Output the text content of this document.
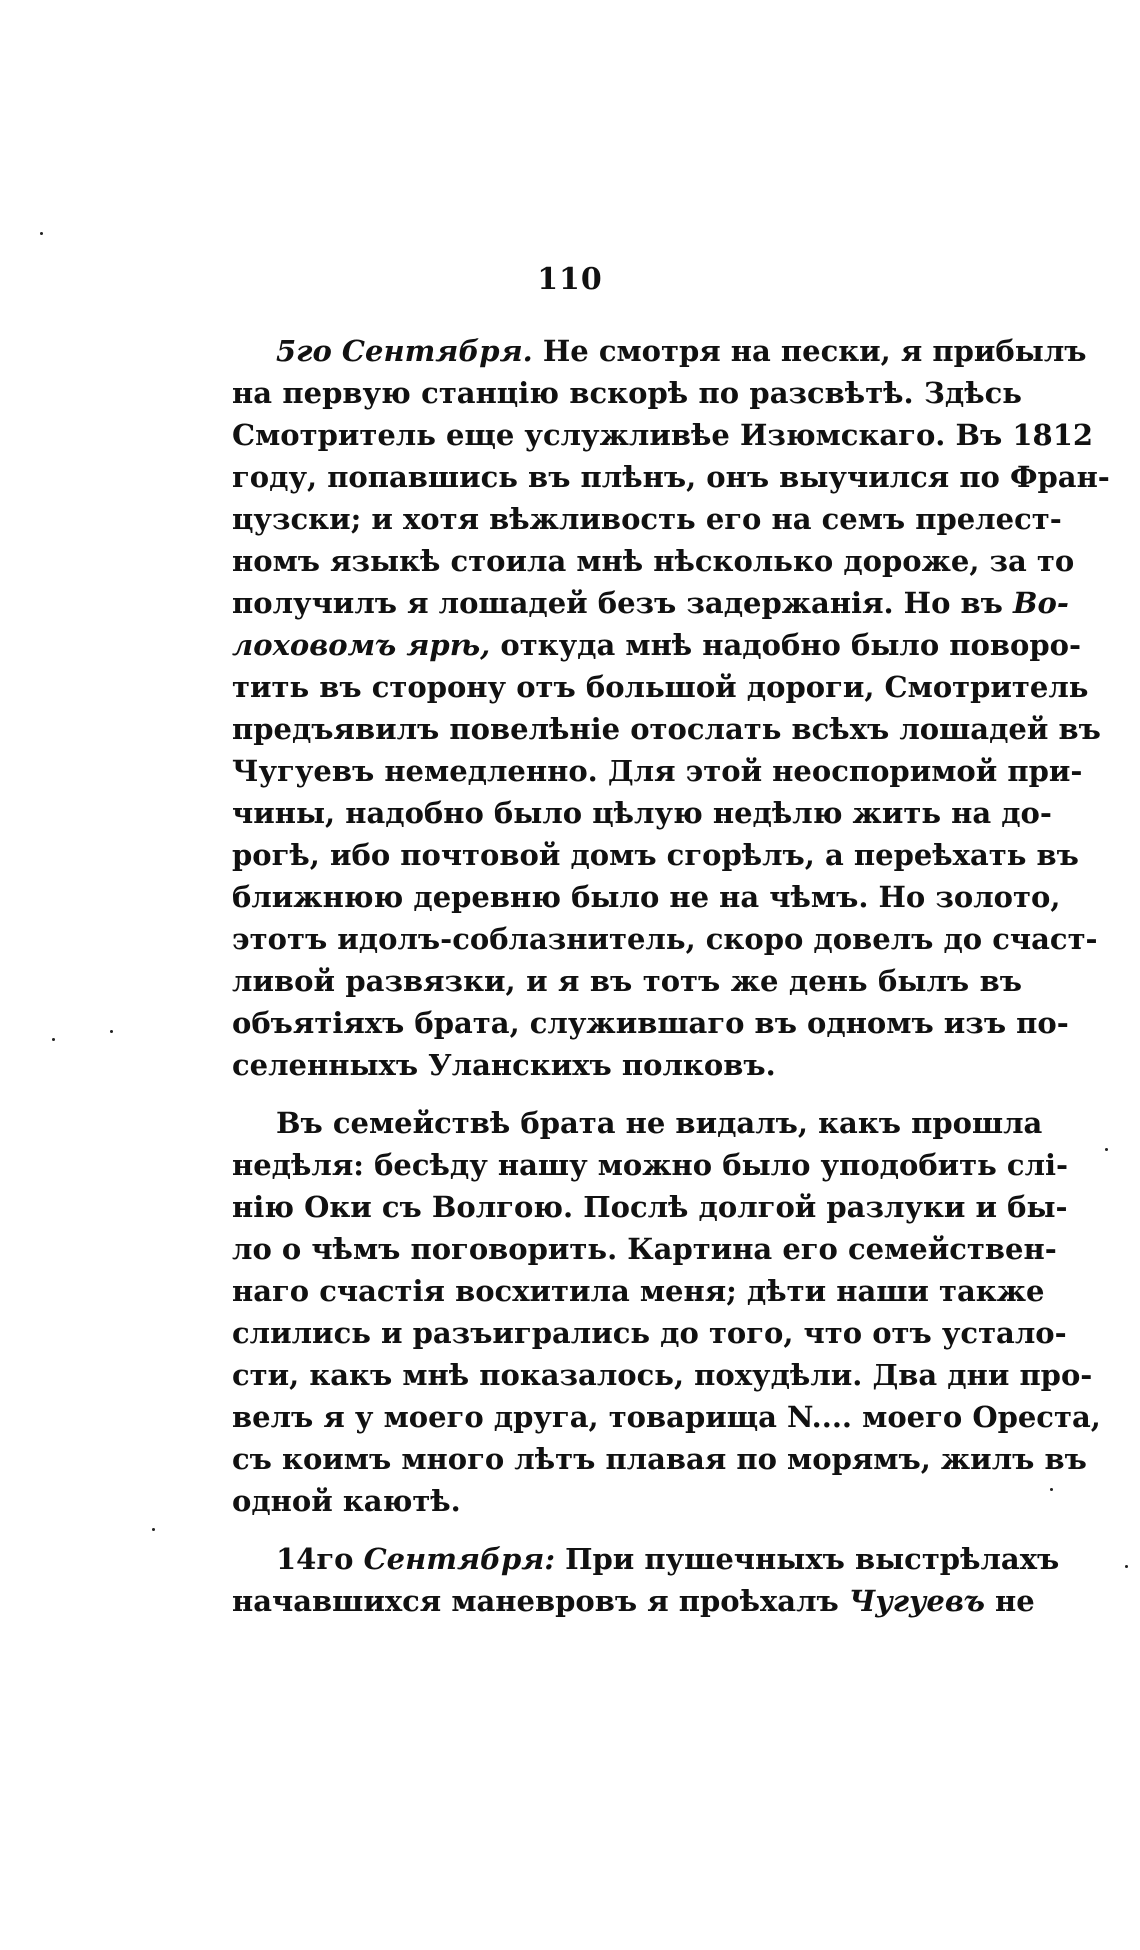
110

5го Сентября. Не смотря на пески, я прибылъ
на первую станцію вскорѣ по разсвѣтѣ. Здѣсь
Смотритель еще услужливѣе Изюмскаго. Въ 1812
году, попавшись въ плѣнъ, онъ выучился по Фран-
цузски; и хотя вѣжливость его на семъ прелест-
номъ языкѣ стоила мнѣ нѣсколько дороже, за то
получилъ я лошадей безъ задержанія. Но въ Во-
лоховомъ ярѣ, откуда мнѣ надобно было поворо-
тить въ сторону отъ большой дороги, Смотритель
предъявилъ повелѣніе отослать всѣхъ лошадей въ
Чугуевъ немедленно. Для этой неоспоримой при-
чины, надобно было цѣлую недѣлю жить на до-
рогѣ, ибо почтовой домъ сгорѣлъ, а переѣхать въ
ближнюю деревню было не на чѣмъ. Но золото,
этотъ идолъ-соблазнитель, скоро довелъ до счаст-
ливой развязки, и я въ тотъ же день былъ въ
объятіяхъ брата, служившаго въ одномъ изъ по-
селенныхъ Уланскихъ полковъ.

Въ семействѣ брата не видалъ, какъ прошла
недѣля: бесѣду нашу можно было уподобить слі-
нію Оки съ Волгою. Послѣ долгой разлуки и бы-
ло о чѣмъ поговорить. Картина его семействен-
наго счастія восхитила меня; дѣти наши также
слились и разъигрались до того, что отъ устало-
сти, какъ мнѣ показалось, похудѣли. Два дни про-
велъ я у моего друга, товарища N.... моего Ореста,
съ коимъ много лѣтъ плавая по морямъ, жилъ въ
одной каютѣ.

14го Сентября: При пушечныхъ выстрѣлахъ
начавшихся маневровъ я проѣхалъ Чугуевъ не
